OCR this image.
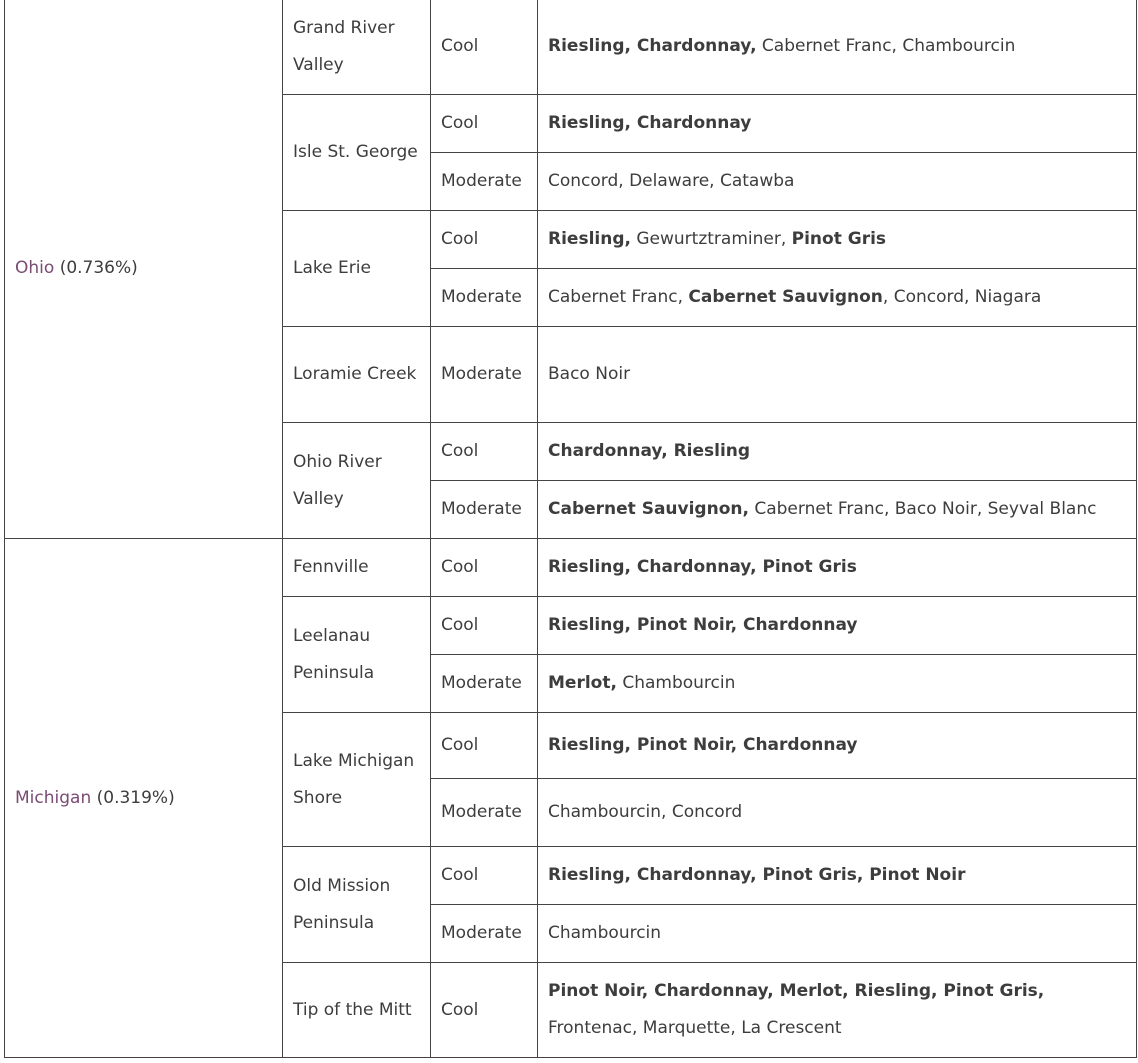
Ohio (0.736%)	Grand River Valley	Cool	Riesling, Chardonnay, Cabernet Franc, Chambourcin
	Isle St. George	Cool	Riesling, Chardonnay
		Moderate	Concord, Delaware, Catawba
	Lake Erie	Cool	Riesling, Gewurtztraminer, Pinot Gris
		Moderate	Cabernet Franc, Cabernet Sauvignon, Concord, Niagara
	Loramie Creek	Moderate	Baco Noir
	Ohio River Valley	Cool	Chardonnay, Riesling
		Moderate	Cabernet Sauvignon, Cabernet Franc, Baco Noir, Seyval Blanc
Michigan (0.319%)	Fennville	Cool	Riesling, Chardonnay, Pinot Gris
	Leelanau Peninsula	Cool	Riesling, Pinot Noir, Chardonnay
		Moderate	Merlot, Chambourcin
	Lake Michigan Shore	Cool	Riesling, Pinot Noir, Chardonnay
		Moderate	Chambourcin, Concord
	Old Mission Peninsula	Cool	Riesling, Chardonnay, Pinot Gris, Pinot Noir
		Moderate	Chambourcin
	Tip of the Mitt	Cool	Pinot Noir, Chardonnay, Merlot, Riesling, Pinot Gris, Frontenac, Marquette, La Crescent
